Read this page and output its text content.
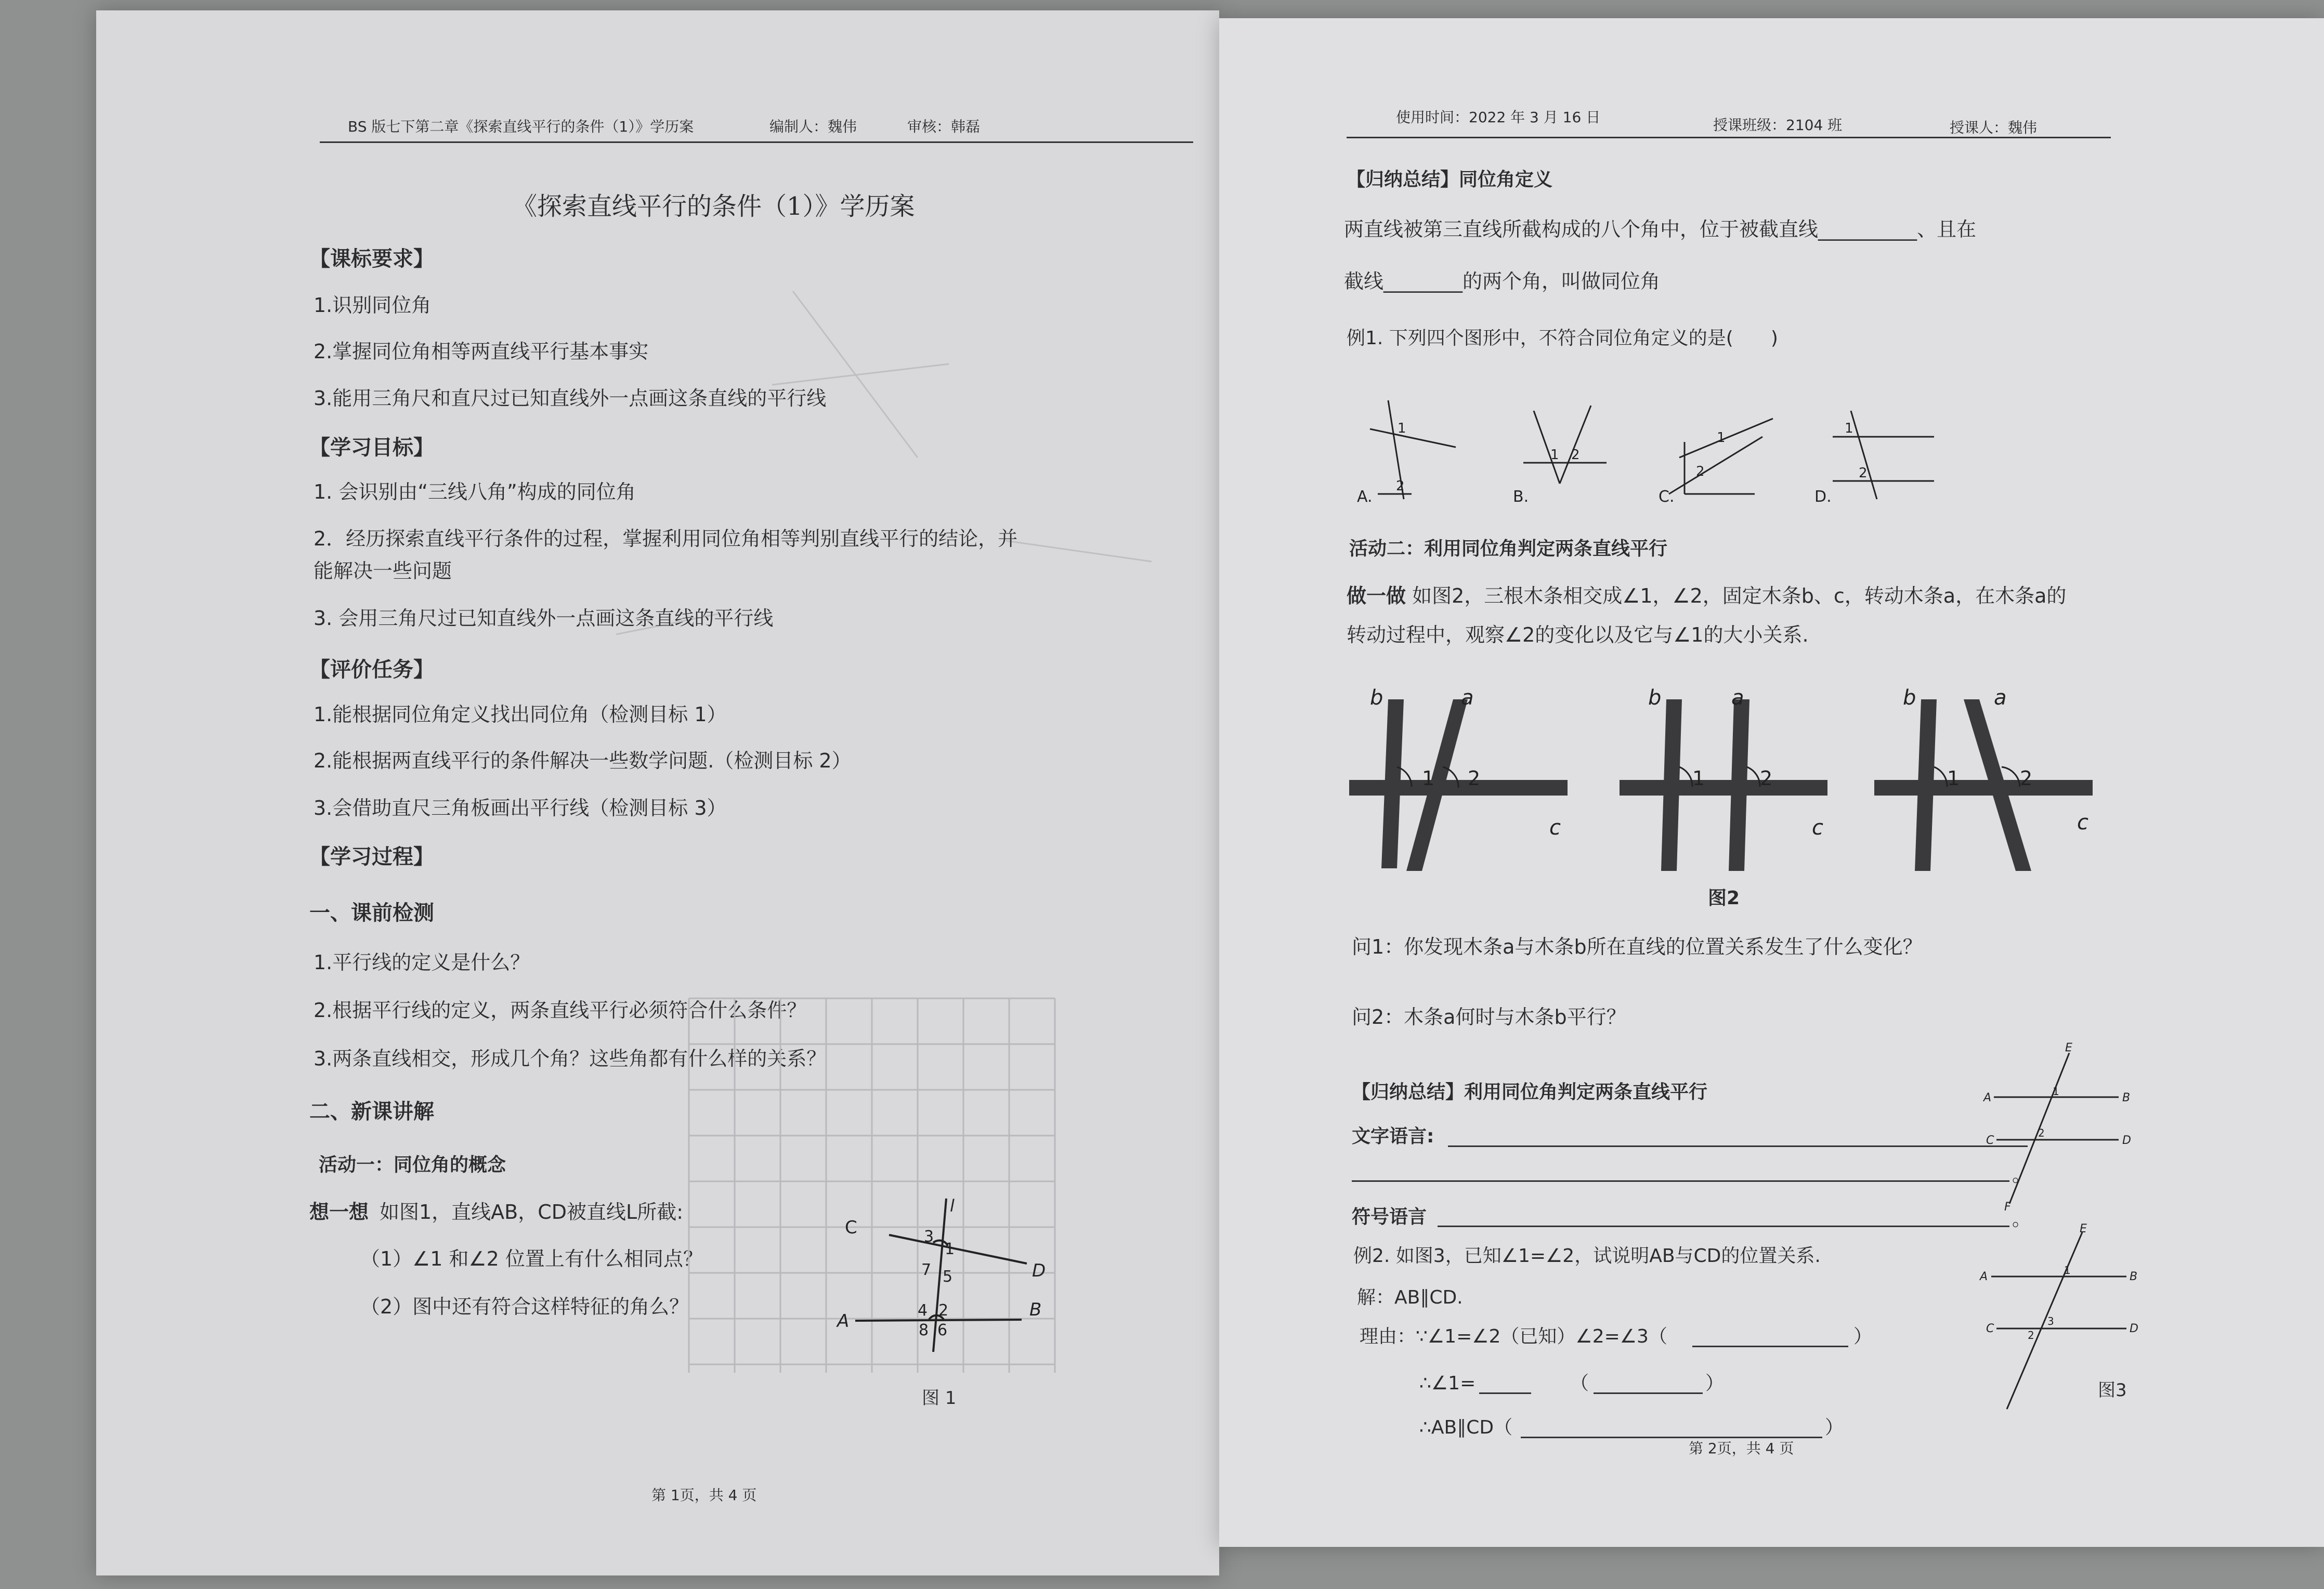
BS 版七下第二章《探索直线平行的条件（1）》学历案	编制人：魏伟	审核：韩磊
《探索直线平行的条件（1）》学历案
【课标要求】
1.识别同位角
2.掌握同位角相等两直线平行基本事实
3.能用三角尺和直尺过已知直线外一点画这条直线的平行线
【学习目标】
1. 会识别由“三线八角”构成的同位角
2．经历探索直线平行条件的过程，掌握利用同位角相等判别直线平行的结论，并
能解决一些问题
3. 会用三角尺过已知直线外一点画这条直线的平行线
【评价任务】
1.能根据同位角定义找出同位角（检测目标 1）
2.能根据两直线平行的条件解决一些数学问题.（检测目标 2）
3.会借助直尺三角板画出平行线（检测目标 3）
【学习过程】
一、课前检测
1.平行线的定义是什么？
2.根据平行线的定义，两条直线平行必须符合什么条件？
3.两条直线相交，形成几个角？这些角都有什么样的关系？
二、新课讲解
活动一：同位角的概念
想一想 如图1，直线AB，CD被直线L所截:
（1）∠1 和∠2 位置上有什么相同点？
（2）图中还有符合这样特征的角么？
C
D
A
B
l
3
1
7 5
4 2
8 6
图 1
第 1页，共 4 页
使用时间：2022 年 3 月 16 日	授课班级：2104 班	授课人：魏伟
【归纳总结】同位角定义
两直线被第三直线所截构成的八个角中，位于被截直线__________、且在
截线________的两个角，叫做同位角
例1. 下列四个图形中，不符合同位角定义的是(　　)
A.	B.	C.	D.
1
2
1 2
1
2
1
2
活动二：利用同位角判定两条直线平行
做一做 如图2，三根木条相交成∠1，∠2，固定木条b、c，转动木条a，在木条a的
转动过程中，观察∠2的变化以及它与∠1的大小关系.
b	a
c
1 2
b	a
c
1	2
b	a
c
1	2
图2
问1：你发现木条a与木条b所在直线的位置关系发生了什么变化？
问2：木条a何时与木条b平行？
【归纳总结】利用同位角判定两条直线平行
文字语言:
。
符号语言	。
例2. 如图3，已知∠1=∠2，试说明AB与CD的位置关系.
解：AB∥CD.
理由：∵∠1=∠2（已知）∠2=∠3（	）
∴∠1=	（	）
∴AB∥CD（	）
E
A	B
C	D
F
1
2
E
A	B
C	D
1
2
3
图3
第 2页，共 4 页
